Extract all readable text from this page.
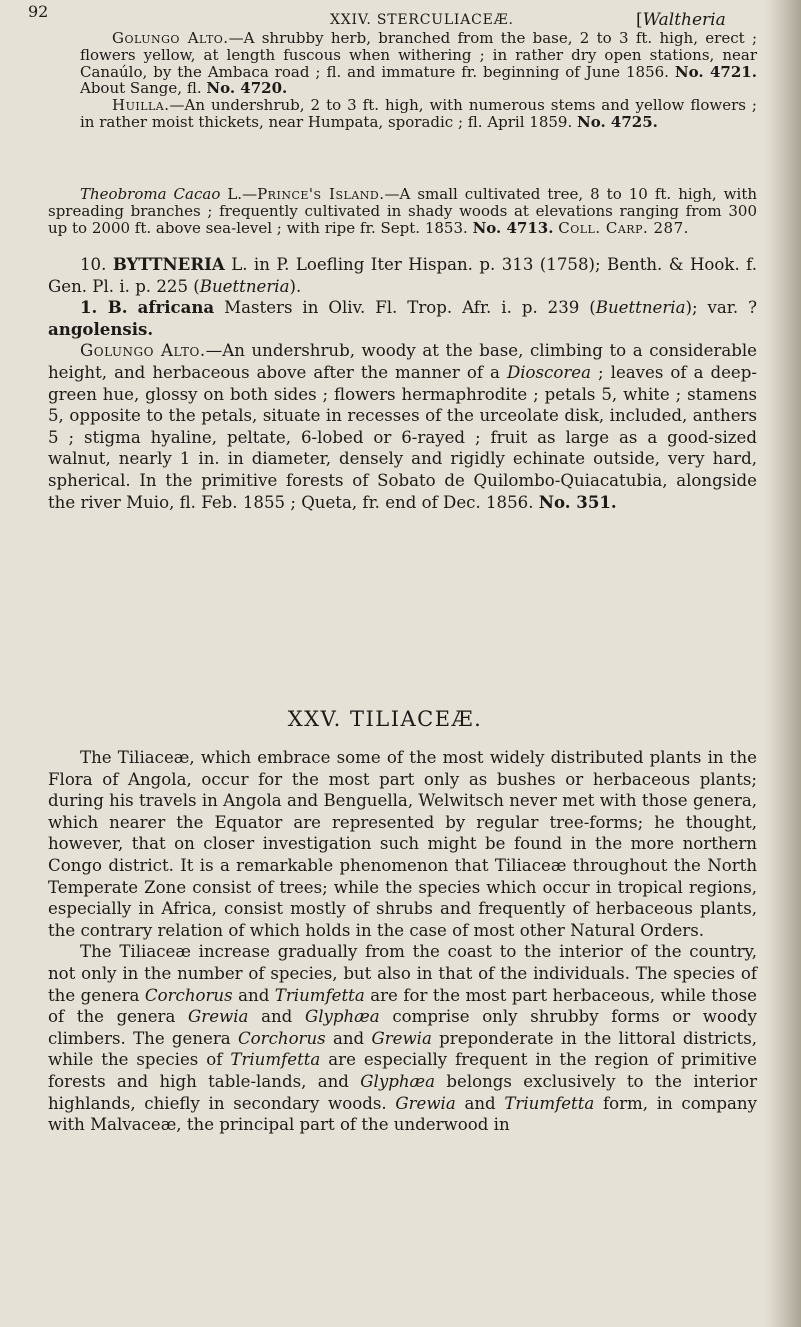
92	XXIV. STERCULIACEÆ.	[Waltheria

Golungo Alto.—A shrubby herb, branched from the base, 2 to 3 ft. high, erect ; flowers yellow, at length fuscous when withering ; in rather dry open stations, near Canaúlo, by the Ambaca road ; fl. and immature fr. beginning of June 1856. No. 4721. About Sange, fl. No. 4720.

Huilla.—An undershrub, 2 to 3 ft. high, with numerous stems and yellow flowers ; in rather moist thickets, near Humpata, sporadic ; fl. April 1859. No. 4725.

Theobroma Cacao L.—Prince's Island.—A small cultivated tree, 8 to 10 ft. high, with spreading branches ; frequently cultivated in shady woods at elevations ranging from 300 up to 2000 ft. above sea-level ; with ripe fr. Sept. 1853. No. 4713. Coll. Carp. 287.

10. BYTTNERIA L. in P. Loefling Iter Hispan. p. 313 (1758); Benth. & Hook. f. Gen. Pl. i. p. 225 (Buettneria).

1. B. africana Masters in Oliv. Fl. Trop. Afr. i. p. 239 (Buettneria); var. ? angolensis.

Golungo Alto.—An undershrub, woody at the base, climbing to a considerable height, and herbaceous above after the manner of a Dioscorea ; leaves of a deep-green hue, glossy on both sides ; flowers hermaphrodite ; petals 5, white ; stamens 5, opposite to the petals, situate in recesses of the urceolate disk, included, anthers 5 ; stigma hyaline, peltate, 6-lobed or 6-rayed ; fruit as large as a good-sized walnut, nearly 1 in. in diameter, densely and rigidly echinate outside, very hard, spherical. In the primitive forests of Sobato de Quilombo-Quiacatubia, alongside the river Muio, fl. Feb. 1855 ; Queta, fr. end of Dec. 1856. No. 351.

XXV. TILIACEÆ.

The Tiliaceæ, which embrace some of the most widely distributed plants in the Flora of Angola, occur for the most part only as bushes or herbaceous plants; during his travels in Angola and Benguella, Welwitsch never met with those genera, which nearer the Equator are represented by regular tree-forms; he thought, however, that on closer investigation such might be found in the more northern Congo district. It is a remarkable phenomenon that Tiliaceæ throughout the North Temperate Zone consist of trees; while the species which occur in tropical regions, especially in Africa, consist mostly of shrubs and frequently of herbaceous plants, the contrary relation of which holds in the case of most other Natural Orders.

The Tiliaceæ increase gradually from the coast to the interior of the country, not only in the number of species, but also in that of the individuals. The species of the genera Corchorus and Triumfetta are for the most part herbaceous, while those of the genera Grewia and Glyphæa comprise only shrubby forms or woody climbers. The genera Corchorus and Grewia preponderate in the littoral districts, while the species of Triumfetta are especially frequent in the region of primitive forests and high table-lands, and Glyphæa belongs exclusively to the interior highlands, chiefly in secondary woods. Grewia and Triumfetta form, in company with Malvaceæ, the principal part of the underwood in
